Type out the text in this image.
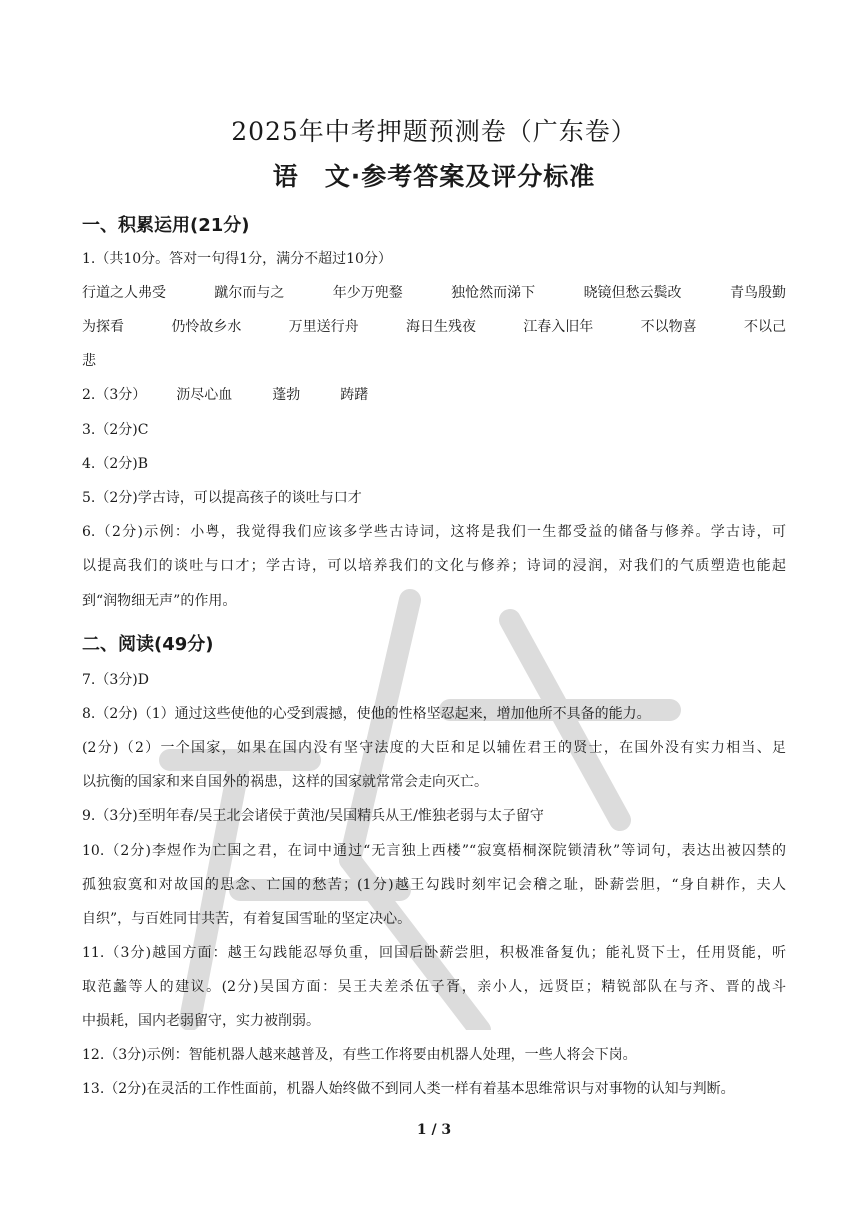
2025年中考押题预测卷（广东卷）
语　文·参考答案及评分标准
一、积累运用(21分)
1.（共10分。答对一句得1分，满分不超过10分）
行道之人弗受	蹴尔而与之	年少万兜鍪	独怆然而涕下	晓镜但愁云鬓改	青鸟殷勤
为探看	仍怜故乡水	万里送行舟	海日生残夜	江春入旧年	不以物喜	不以己
悲
2.（3分） 沥尽心血	蓬勃	踌躇
3.（2分)C
4.（2分)B
5.（2分)学古诗，可以提高孩子的谈吐与口才
6.（2分)示例：小粤，我觉得我们应该多学些古诗词，这将是我们一生都受益的储备与修养。学古诗，可
以提高我们的谈吐与口才；学古诗，可以培养我们的文化与修养；诗词的浸润，对我们的气质塑造也能起
到“润物细无声”的作用。
二、阅读(49分)
7.（3分)D
8.（2分)（1）通过这些使他的心受到震撼，使他的性格坚忍起来，增加他所不具备的能力。
(2分)（2）一个国家，如果在国内没有坚守法度的大臣和足以辅佐君王的贤士，在国外没有实力相当、足
以抗衡的国家和来自国外的祸患，这样的国家就常常会走向灭亡。
9.（3分)至明年春/吴王北会诸侯于黄池/吴国精兵从王/惟独老弱与太子留守
10.（2分)李煜作为亡国之君，在词中通过“无言独上西楼”“寂寞梧桐深院锁清秋”等词句，表达出被囚禁的
孤独寂寞和对故国的思念、亡国的愁苦；(1分)越王勾践时刻牢记会稽之耻，卧薪尝胆，“身自耕作，夫人
自织”，与百姓同甘共苦，有着复国雪耻的坚定决心。
11.（3分)越国方面：越王勾践能忍辱负重，回国后卧薪尝胆，积极准备复仇；能礼贤下士，任用贤能，听
取范蠡等人的建议。(2分)吴国方面：吴王夫差杀伍子胥，亲小人，远贤臣；精锐部队在与齐、晋的战斗
中损耗，国内老弱留守，实力被削弱。
12.（3分)示例：智能机器人越来越普及，有些工作将要由机器人处理，一些人将会下岗。
13.（2分)在灵活的工作性面前，机器人始终做不到同人类一样有着基本思维常识与对事物的认知与判断。
1 / 3
